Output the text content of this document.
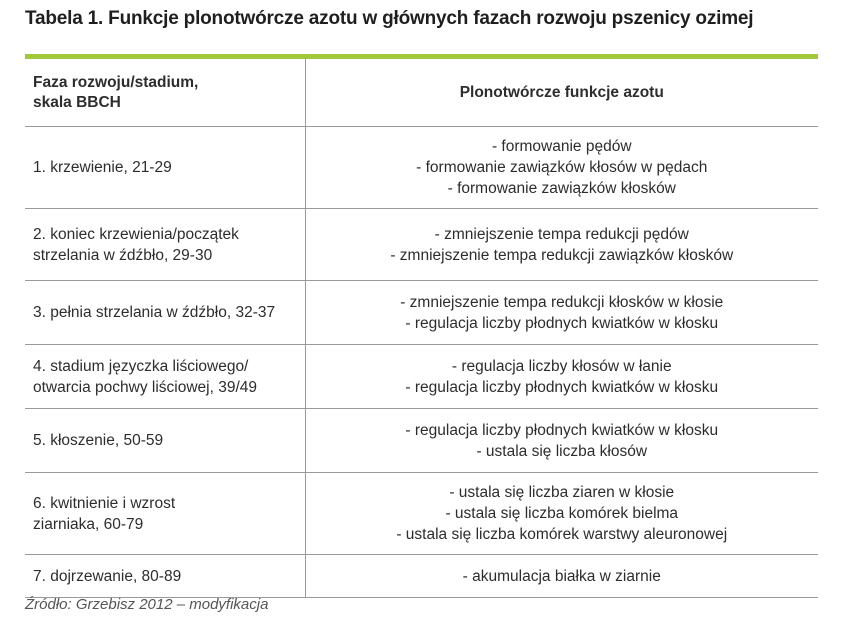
Tabela 1. Funkcje plonotwórcze azotu w głównych fazach rozwoju pszenicy ozimej
Faza rozwoju/stadium,
skala BBCH	Plonotwórcze funkcje azotu

1. krzewienie, 21-29	- formowanie pędów
- formowanie zawiązków kłosów w pędach
- formowanie zawiązków kłosków

2. koniec krzewienia/początek
strzelania w źdźbło, 29-30	- zmniejszenie tempa redukcji pędów
- zmniejszenie tempa redukcji zawiązków kłosków

3. pełnia strzelania w źdźbło, 32-37	- zmniejszenie tempa redukcji kłosków w kłosie
- regulacja liczby płodnych kwiatków w kłosku

4. stadium języczka liściowego/
otwarcia pochwy liściowej, 39/49	- regulacja liczby kłosów w łanie
- regulacja liczby płodnych kwiatków w kłosku

5. kłoszenie, 50-59	- regulacja liczby płodnych kwiatków w kłosku
- ustala się liczba kłosów

6. kwitnienie i wzrost
ziarniaka, 60-79	- ustala się liczba ziaren w kłosie
- ustala się liczba komórek bielma
- ustala się liczba komórek warstwy aleuronowej

7. dojrzewanie, 80-89	- akumulacja białka w ziarnie
Źródło: Grzebisz 2012 – modyfikacja
